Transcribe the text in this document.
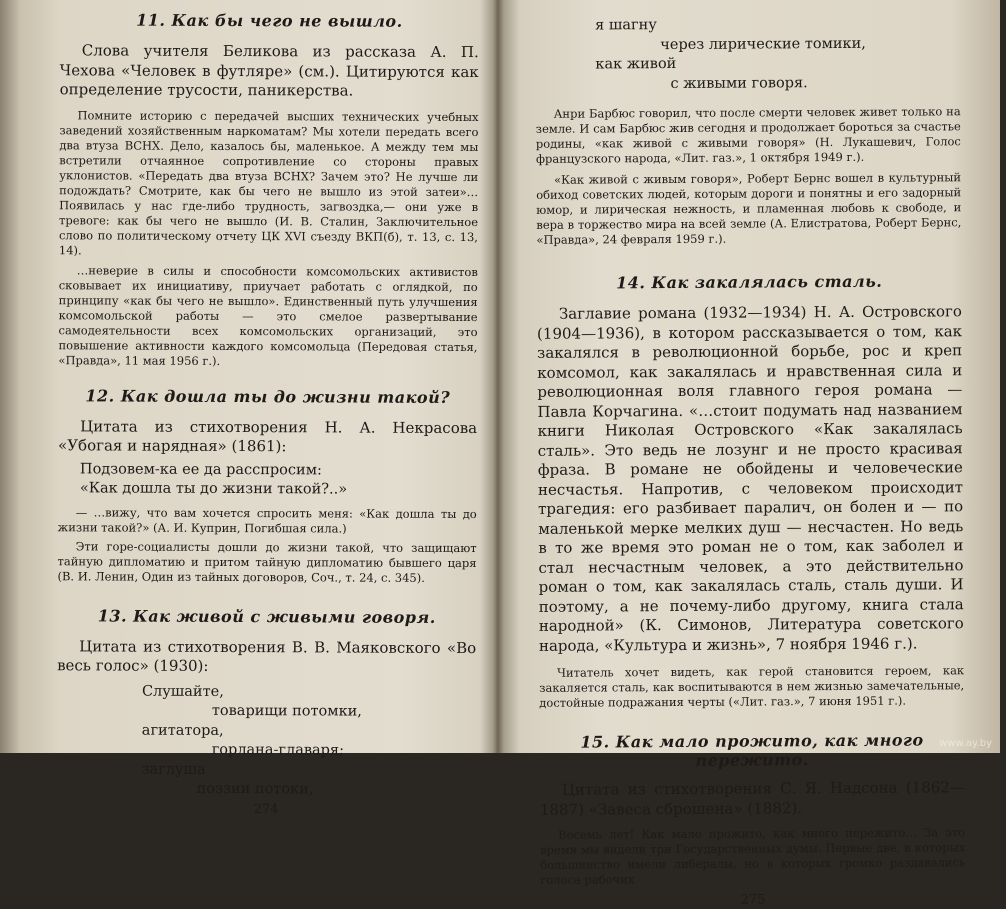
11. Как бы чего не вышло.

Слова учителя Беликова из рассказа А. П. Чехова «Человек в футляре» (см.). Цитируются как определение трусости, паникерства.

Помните историю с передачей высших технических учебных заведений хозяйственным наркоматам? Мы хотели передать всего два втуза ВСНХ. Дело, казалось бы, маленькое. А между тем мы встретили отчаянное сопротивление со стороны правых уклонистов. «Передать два втуза ВСНХ? Зачем это? Не лучше ли подождать? Смотрите, как бы чего не вышло из этой затеи»… Появилась у нас где-либо трудность, загвоздка,— они уже в тревоге: как бы чего не вышло (И. В. Сталин, Заключительное слово по политическому отчету ЦК XVI съезду ВКП(б), т. 13, с. 13, 14).

…неверие в силы и способности комсомольских активистов сковывает их инициативу, приучает работать с оглядкой, по принципу «как бы чего не вышло». Единственный путь улучшения комсомольской работы — это смелое развертывание самодеятельности всех комсомольских организаций, это повышение активности каждого комсомольца (Передовая статья, «Правда», 11 мая 1956 г.).

12. Как дошла ты до жизни такой?

Цитата из стихотворения Н. А. Некрасова «Убогая и нарядная» (1861):

Подзовем-ка ее да расспросим:
«Как дошла ты до жизни такой?..»

— …вижу, что вам хочется спросить меня: «Как дошла ты до жизни такой?» (А. И. Куприн, Погибшая сила.)

Эти горе-социалисты дошли до жизни такой, что защищают тайную дипломатию и притом тайную дипломатию бывшего царя (В. И. Ленин, Один из тайных договоров, Соч., т. 24, с. 345).

13. Как живой с живыми говоря.

Цитата из стихотворения В. В. Маяковского «Во весь голос» (1930):

Слушайте,
товарищи потомки,
агитатора,
горлана-главаря;
заглуша
поэзии потоки,
274
я шагну
через лирические томики,
как живой
с живыми говоря.

Анри Барбюс говорил, что после смерти человек живет только на земле. И сам Барбюс жив сегодня и продолжает бороться за счастье родины, «как живой с живыми говоря» (Н. Лукашевич, Голос французского народа, «Лит. газ.», 1 октября 1949 г.).

«Как живой с живым говоря», Роберт Бернс вошел в культурный обиход советских людей, которым дороги и понятны и его задорный юмор, и лирическая нежность, и пламенная любовь к свободе, и вера в торжество мира на всей земле (А. Елистратова, Роберт Бернс, «Правда», 24 февраля 1959 г.).

14. Как закалялась сталь.

Заглавие романа (1932—1934) Н. А. Островского (1904—1936), в котором рассказывается о том, как закалялся в революционной борьбе, рос и креп комсомол, как закалялась и нравственная сила и революционная воля главного героя романа — Павла Корчагина. «…стоит подумать над названием книги Николая Островского «Как закалялась сталь». Это ведь не лозунг и не просто красивая фраза. В романе не обойдены и человеческие несчастья. Напротив, с человеком происходит трагедия: его разбивает паралич, он болен и — по маленькой мерке мелких душ — несчастен. Но ведь в то же время это роман не о том, как заболел и стал несчастным человек, а это действительно роман о том, как закалялась сталь, сталь души. И поэтому, а не почему-либо другому, книга стала народной» (К. Симонов, Литература советского народа, «Культура и жизнь», 7 ноября 1946 г.).

Читатель хочет видеть, как герой становится героем, как закаляется сталь, как воспитываются в нем жизнью замечательные, достойные подражания черты («Лит. газ.», 7 июня 1951 г.).

15. Как мало прожито, как много пережито.

Цитата из стихотворения С. Я. Надсона (1862—1887) «Завеса сброшена» (1882).

Восемь лет! Как мало прожито, как много пережито… За это время мы видели три Государственных думы. Первые две, в которых большинство имели либералы, но в которых громко раздавались голоса рабочих

275
www.ay.by
